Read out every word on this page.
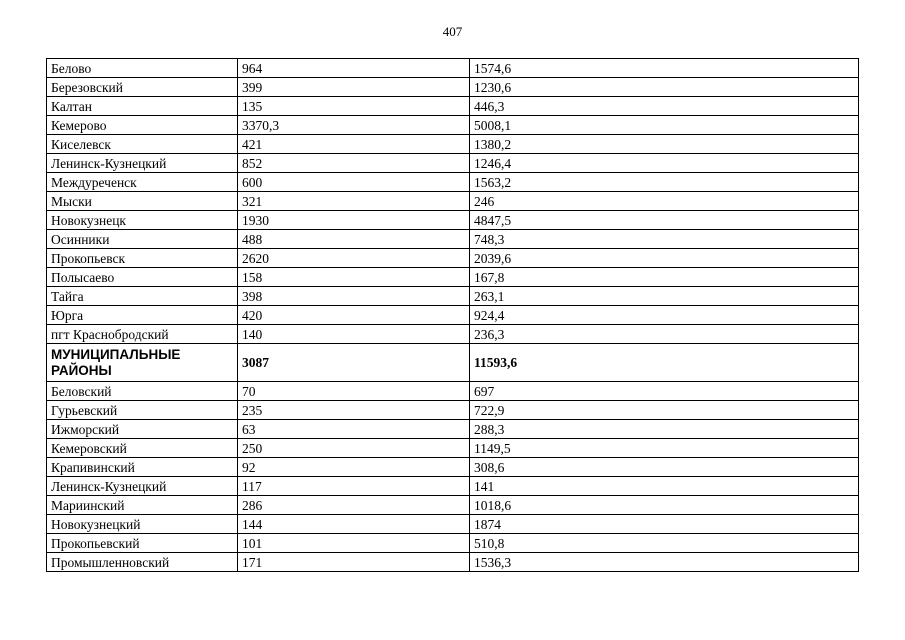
407
Белово	964	1574,6
Березовский	399	1230,6
Калтан	135	446,3
Кемерово	3370,3	5008,1
Киселевск	421	1380,2
Ленинск-Кузнецкий	852	1246,4
Междуреченск	600	1563,2
Мыски	321	246
Новокузнецк	1930	4847,5
Осинники	488	748,3
Прокопьевск	2620	2039,6
Полысаево	158	167,8
Тайга	398	263,1
Юрга	420	924,4
пгт Краснобродский	140	236,3

МУНИЦИПАЛЬНЫЕ
РАЙОНЫ	3087	11593,6
Беловский	70	697
Гурьевский	235	722,9
Ижморский	63	288,3
Кемеровский	250	1149,5
Крапивинский	92	308,6
Ленинск-Кузнецкий	117	141
Мариинский	286	1018,6
Новокузнецкий	144	1874
Прокопьевский	101	510,8
Промышленновский	171	1536,3
